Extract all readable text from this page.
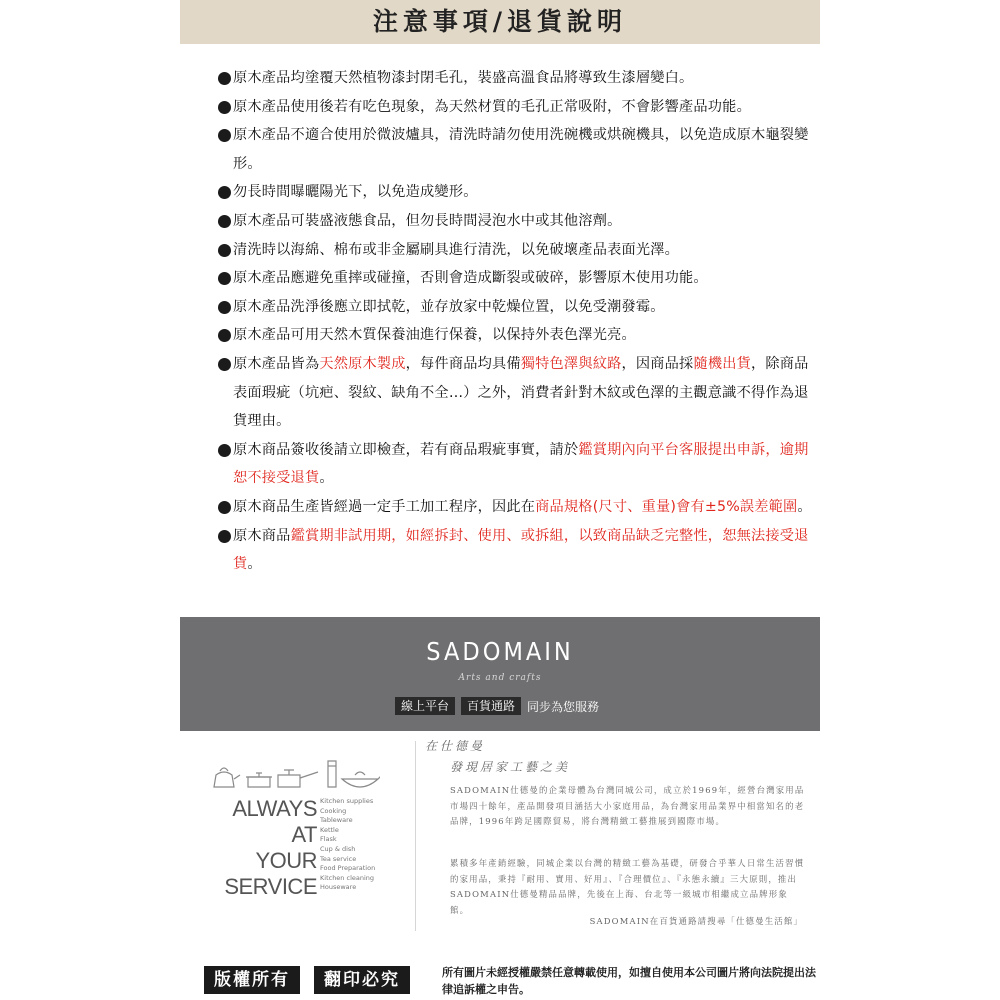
注意事項/退貨說明
原木產品均塗覆天然植物漆封閉毛孔，裝盛高溫食品將導致生漆層變白。
原木產品使用後若有吃色現象，為天然材質的毛孔正常吸附，不會影響產品功能。
原木產品不適合使用於微波爐具，清洗時請勿使用洗碗機或烘碗機具，以免造成原木龜裂變形。
勿長時間曝曬陽光下，以免造成變形。
原木產品可裝盛液態食品，但勿長時間浸泡水中或其他溶劑。
清洗時以海綿、棉布或非金屬刷具進行清洗，以免破壞產品表面光澤。
原木產品應避免重摔或碰撞，否則會造成斷裂或破碎，影響原木使用功能。
原木產品洗淨後應立即拭乾，並存放家中乾燥位置，以免受潮發霉。
原木產品可用天然木質保養油進行保養，以保持外表色澤光亮。
原木產品皆為天然原木製成，每件商品均具備獨特色澤與紋路，因商品採隨機出貨，除商品表面瑕疵（坑疤、裂紋、缺角不全…）之外，消費者針對木紋或色澤的主觀意識不得作為退貨理由。
原木商品簽收後請立即檢查，若有商品瑕疵事實，請於鑑賞期內向平台客服提出申訴，逾期恕不接受退貨。
原木商品生產皆經過一定手工加工程序，因此在商品規格(尺寸、重量)會有±5%誤差範圍。
原木商品鑑賞期非試用期，如經拆封、使用、或拆組，以致商品缺乏完整性，恕無法接受退貨。
SADOMAIN
Arts and crafts
線上平台	百貨通路	同步為您服務
ALWAYS AT
YOUR
SERVICE
Kitchen supplies
Cooking
Tableware
Kettle
Flask
Cup & dish
Tea service
Food Preparation
Kitchen cleaning
Houseware
在仕德曼
發現居家工藝之美

SADOMAIN仕德曼的企業母體為台灣同城公司，成立於1969年，經營台灣家用品市場四十餘年，產品開發項目涵括大小家庭用品，為台灣家用品業界中相當知名的老品牌，1996年跨足國際貿易，將台灣精緻工藝推展到國際市場。

累積多年產銷經驗，同城企業以台灣的精緻工藝為基礎，研發合乎華人日常生活習慣的家用品，秉持『耐用、實用、好用』、『合理價位』、『永態永續』三大原則，推出SADOMAIN仕德曼精品品牌，先後在上海、台北等一級城市相繼成立品牌形象館。

SADOMAIN在百貨通路請搜尋「仕德曼生活館」
版權所有	翻印必究	所有圖片未經授權嚴禁任意轉載使用，如擅自使用本公司圖片將向法院提出法律追訴權之申告。
